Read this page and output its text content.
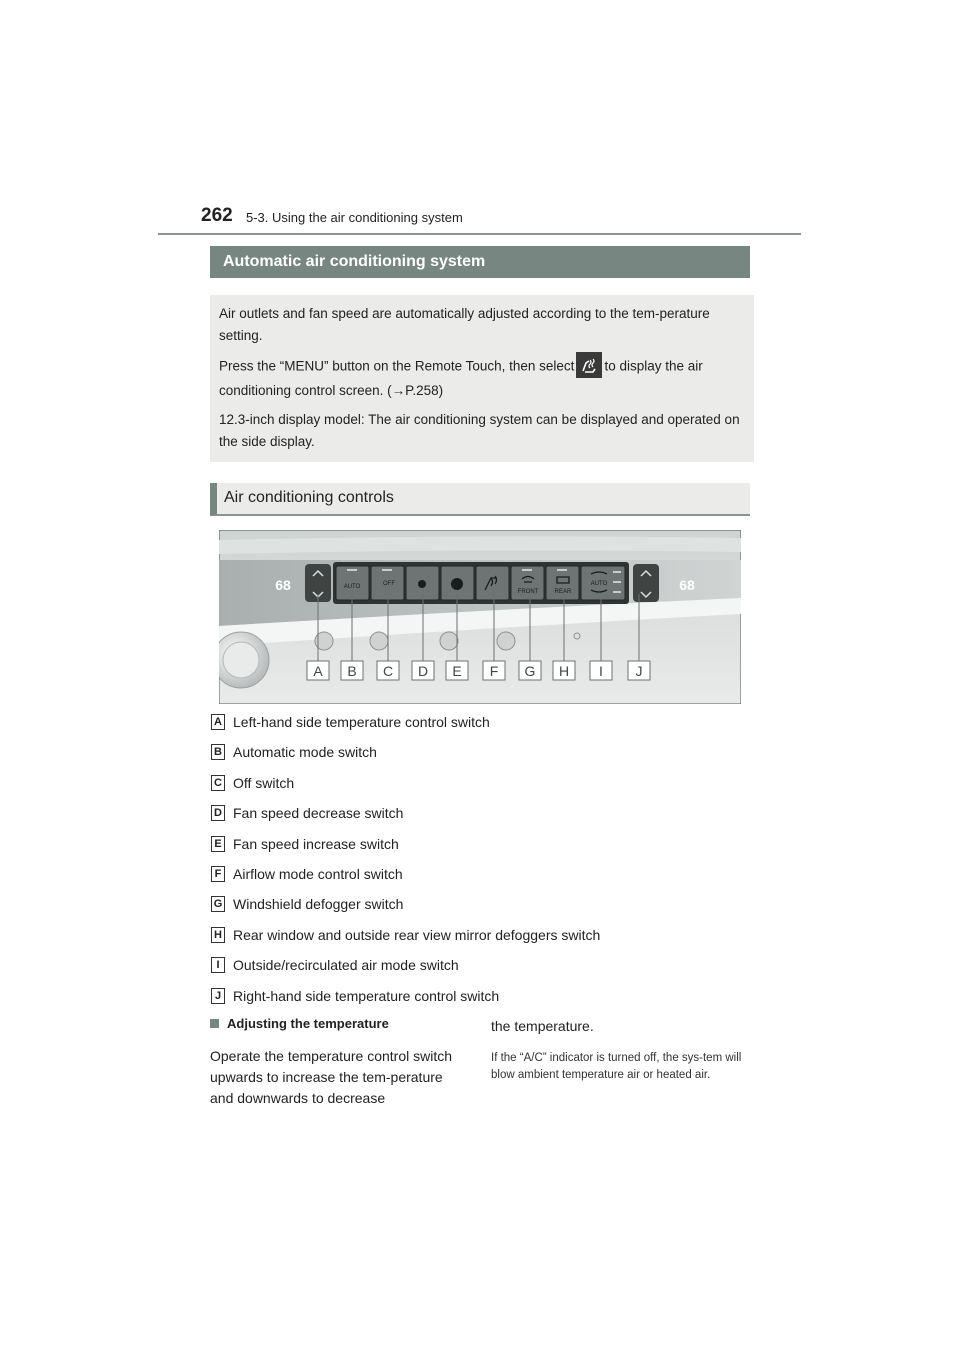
262 5-3. Using the air conditioning system
Automatic air conditioning system

Air outlets and fan speed are automatically adjusted according to the tem-perature setting.

Press the “MENU” button on the Remote Touch, then select to display the air conditioning control screen. (→P.258)

12.3-inch display model: The air conditioning system can be displayed and operated on the side display.

Air conditioning controls
68	68
AUTO	OFF
FRONT	REAR
AUTO
A B C D E F G H I J
A Left-hand side temperature control switch
B Automatic mode switch
C Off switch
D Fan speed decrease switch
E Fan speed increase switch
F Airflow mode control switch
G Windshield defogger switch
H Rear window and outside rear view mirror defoggers switch
I Outside/recirculated air mode switch
J Right-hand side temperature control switch
Adjusting the temperature

Operate the temperature control switch upwards to increase the tem-perature and downwards to decrease

the temperature.
If the “A/C” indicator is turned off, the sys-tem will blow ambient temperature air or heated air.
